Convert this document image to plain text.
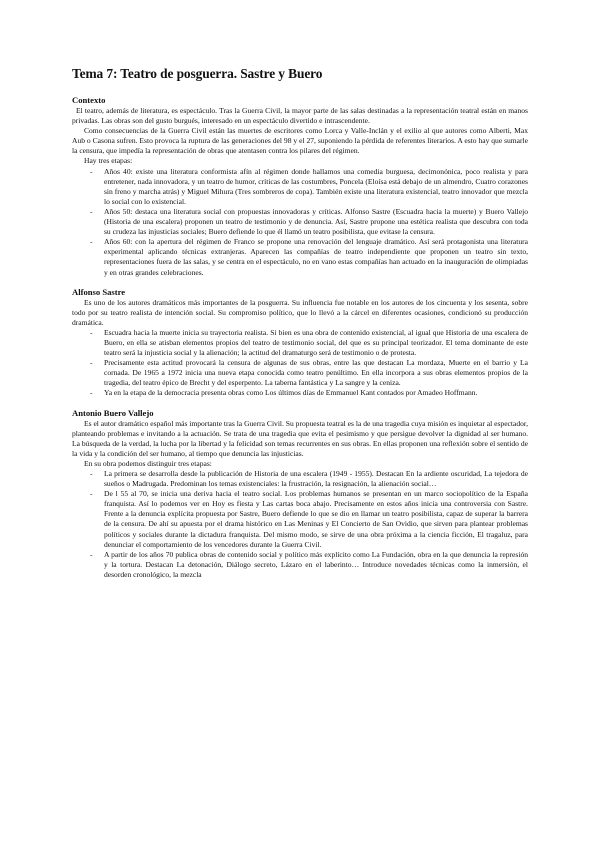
Tema 7: Teatro de posguerra. Sastre y Buero
Contexto

El teatro, además de literatura, es espectáculo. Tras la Guerra Civil, la mayor parte de las salas destinadas a la representación teatral están en manos privadas. Las obras son del gusto burgués, interesado en un espectáculo divertido e intrascendente.

Como consecuencias de la Guerra Civil están las muertes de escritores como Lorca y Valle-Inclán y el exilio al que autores como Alberti, Max Aub o Casona sufren. Esto provoca la ruptura de las generaciones del 98 y el 27, suponiendo la pérdida de referentes literarios. A esto hay que sumarle la censura, que impedía la representación de obras que atentasen contra los pilares del régimen.

Hay tres etapas:

- Años 40: existe una literatura conformista afín al régimen donde hallamos una comedia burguesa, decimonónica, poco realista y para entretener, nada innovadora, y un teatro de humor, críticas de las costumbres, Poncela (Eloísa está debajo de un almendro, Cuatro corazones sin freno y marcha atrás) y Miguel Mihura (Tres sombreros de copa). También existe una literatura existencial, teatro innovador que mezcla lo social con lo existencial.
- Años 50: destaca una literatura social con propuestas innovadoras y críticas. Alfonso Sastre (Escuadra hacia la muerte) y Buero Vallejo (Historia de una escalera) proponen un teatro de testimonio y de denuncia. Así, Sastre propone una estética realista que descubra con toda su crudeza las injusticias sociales; Buero defiende lo que él llamó un teatro posibilista, que evitase la censura.
- Años 60: con la apertura del régimen de Franco se propone una renovación del lenguaje dramático. Así será protagonista una literatura experimental aplicando técnicas extranjeras. Aparecen las compañías de teatro independiente que proponen un teatro sin texto, representaciones fuera de las salas, y se centra en el espectáculo, no en vano estas compañías han actuado en la inauguración de olimpiadas y en otras grandes celebraciones.
Alfonso Sastre

Es uno de los autores dramáticos más importantes de la posguerra. Su influencia fue notable en los autores de los cincuenta y los sesenta, sobre todo por su teatro realista de intención social. Su compromiso político, que lo llevó a la cárcel en diferentes ocasiones, condicionó su producción dramática.

- Escuadra hacia la muerte inicia su trayectoria realista. Si bien es una obra de contenido existencial, al igual que Historia de una escalera de Buero, en ella se atisban elementos propios del teatro de testimonio social, del que es su principal teorizador. El tema dominante de este teatro será la injusticia social y la alienación; la actitud del dramaturgo será de testimonio o de protesta.
- Precisamente esta actitud provocará la censura de algunas de sus obras, entre las que destacan La mordaza, Muerte en el barrio y La cornada. De 1965 a 1972 inicia una nueva etapa conocida como teatro penúltimo. En ella incorpora a sus obras elementos propios de la tragedia, del teatro épico de Brecht y del esperpento. La taberna fantástica y La sangre y la ceniza.
- Ya en la etapa de la democracia presenta obras como Los últimos días de Emmanuel Kant contados por Amadeo Hoffmann.
Antonio Buero Vallejo

Es el autor dramático español más importante tras la Guerra Civil. Su propuesta teatral es la de una tragedia cuya misión es inquietar al espectador, planteando problemas e invitando a la actuación. Se trata de una tragedia que evita el pesimismo y que persigue devolver la dignidad al ser humano. La búsqueda de la verdad, la lucha por la libertad y la felicidad son temas recurrentes en sus obras. En ellas proponen una reflexión sobre el sentido de la vida y la condición del ser humano, al tiempo que denuncia las injusticias.

En su obra podemos distinguir tres etapas:

- La primera se desarrolla desde la publicación de Historia de una escalera (1949 - 1955). Destacan En la ardiente oscuridad, La tejedora de sueños o Madrugada. Predominan los temas existenciales: la frustración, la resignación, la alienación social…
- De l 55 al 70, se inicia una deriva hacia el teatro social. Los problemas humanos se presentan en un marco sociopolítico de la España franquista. Así lo podemos ver en Hoy es fiesta y Las cartas boca abajo. Precisamente en estos años inicia una controversia con Sastre. Frente a la denuncia explícita propuesta por Sastre, Buero defiende lo que se dio en llamar un teatro posibilista, capaz de superar la barrera de la censura. De ahí su apuesta por el drama histórico en Las Meninas y El Concierto de San Ovidio, que sirven para plantear problemas políticos y sociales durante la dictadura franquista. Del mismo modo, se sirve de una obra próxima a la ciencia ficción, El tragaluz, para denunciar el comportamiento de los vencedores durante la Guerra Civil.
- A partir de los años 70 publica obras de contenido social y político más explícito como La Fundación, obra en la que denuncia la represión y la tortura. Destacan La detonación, Diálogo secreto, Lázaro en el laberinto… Introduce novedades técnicas como la inmersión, el desorden cronológico, la mezcla
